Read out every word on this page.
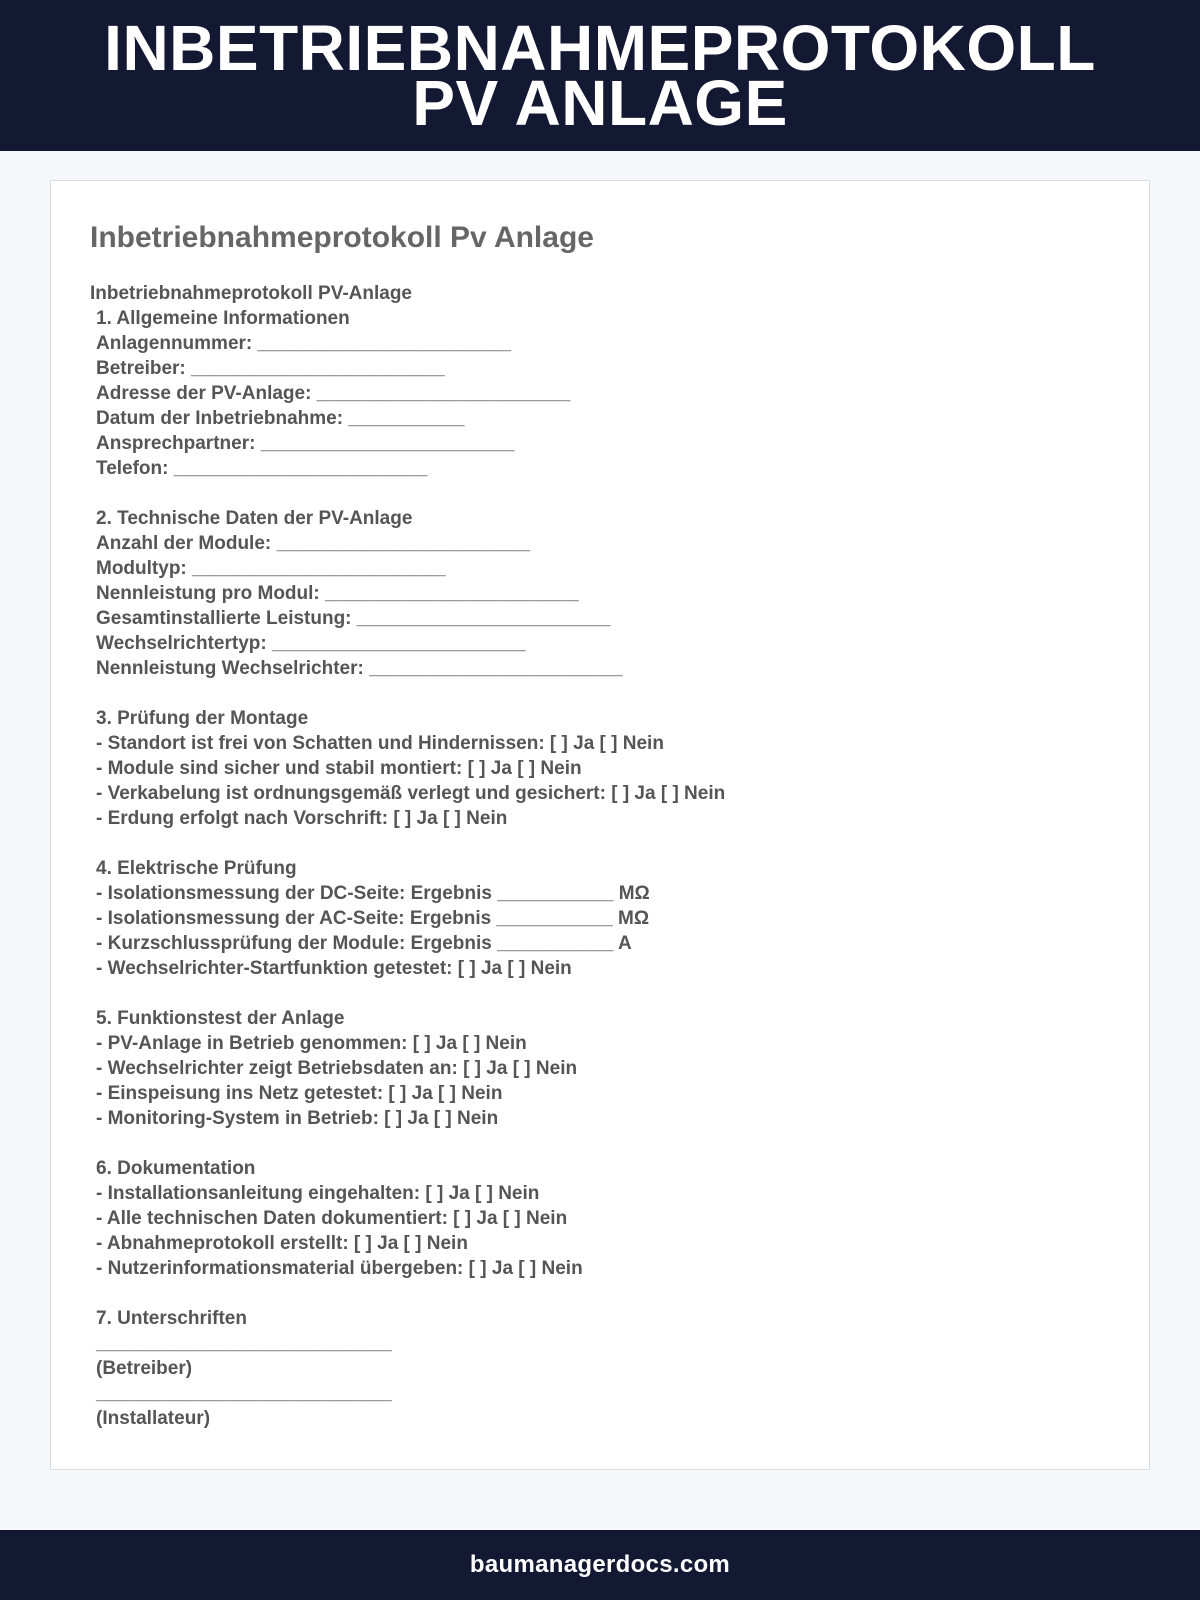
INBETRIEBNAHMEPROTOKOLL
PV ANLAGE
Inbetriebnahmeprotokoll Pv Anlage
Inbetriebnahmeprotokoll PV-Anlage
1. Allgemeine Informationen
Anlagennummer: ________________________
Betreiber: ________________________
Adresse der PV-Anlage: ________________________
Datum der Inbetriebnahme: ___________
Ansprechpartner: ________________________
Telefon: ________________________
2. Technische Daten der PV-Anlage
Anzahl der Module: ________________________
Modultyp: ________________________
Nennleistung pro Modul: ________________________
Gesamtinstallierte Leistung: ________________________
Wechselrichtertyp: ________________________
Nennleistung Wechselrichter: ________________________
3. Prüfung der Montage
- Standort ist frei von Schatten und Hindernissen: [ ] Ja [ ] Nein
- Module sind sicher und stabil montiert: [ ] Ja [ ] Nein
- Verkabelung ist ordnungsgemäß verlegt und gesichert: [ ] Ja [ ] Nein
- Erdung erfolgt nach Vorschrift: [ ] Ja [ ] Nein
4. Elektrische Prüfung
- Isolationsmessung der DC-Seite: Ergebnis ___________ MΩ
- Isolationsmessung der AC-Seite: Ergebnis ___________ MΩ
- Kurzschlussprüfung der Module: Ergebnis ___________ A
- Wechselrichter-Startfunktion getestet: [ ] Ja [ ] Nein
5. Funktionstest der Anlage
- PV-Anlage in Betrieb genommen: [ ] Ja [ ] Nein
- Wechselrichter zeigt Betriebsdaten an: [ ] Ja [ ] Nein
- Einspeisung ins Netz getestet: [ ] Ja [ ] Nein
- Monitoring-System in Betrieb: [ ] Ja [ ] Nein
6. Dokumentation
- Installationsanleitung eingehalten: [ ] Ja [ ] Nein
- Alle technischen Daten dokumentiert: [ ] Ja [ ] Nein
- Abnahmeprotokoll erstellt: [ ] Ja [ ] Nein
- Nutzerinformationsmaterial übergeben: [ ] Ja [ ] Nein
7. Unterschriften
____________________________
(Betreiber)
____________________________
(Installateur)
baumanagerdocs.com
